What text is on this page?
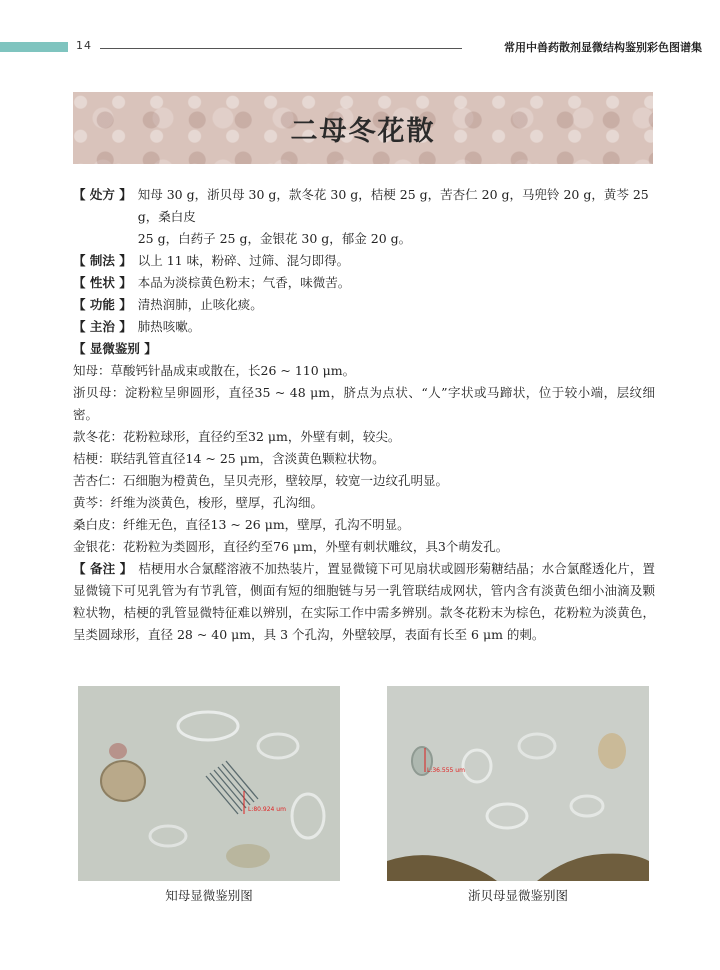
14	常用中兽药散剂显微结构鉴别彩色图谱集
二母冬花散
【 处方 】 知母 30 g，浙贝母 30 g，款冬花 30 g，桔梗 25 g，苦杏仁 20 g，马兜铃 20 g，黄芩 25 g，桑白皮
25 g，白药子 25 g，金银花 30 g，郁金 20 g。
【 制法 】 以上 11 味，粉碎、过筛、混匀即得。
【 性状 】 本品为淡棕黄色粉末；气香，味微苦。
【 功能 】 清热润肺，止咳化痰。
【 主治 】 肺热咳嗽。
【 显微鉴别 】
知母：草酸钙针晶成束或散在，长26 ~ 110 μm。
浙贝母：淀粉粒呈卵圆形，直径35 ~ 48 μm，脐点为点状、“人”字状或马蹄状，位于较小端，层纹细密。
款冬花：花粉粒球形，直径约至32 μm，外壁有刺，较尖。
桔梗：联结乳管直径14 ~ 25 μm，含淡黄色颗粒状物。
苦杏仁：石细胞为橙黄色，呈贝壳形，壁较厚，较宽一边纹孔明显。
黄芩：纤维为淡黄色，梭形，壁厚，孔沟细。
桑白皮：纤维无色，直径13 ~ 26 μm，壁厚，孔沟不明显。
金银花：花粉粒为类圆形，直径约至76 μm，外壁有刺状雕纹，具3个萌发孔。
【 备注 】 桔梗用水合氯醛溶液不加热装片，置显微镜下可见扇状或圆形菊糖结晶；水合氯醛透化片，置显微镜下可见乳管为有节乳管，侧面有短的细胞链与另一乳管联结成网状，管内含有淡黄色细小油滴及颗粒状物，桔梗的乳管显微特征难以辨别，在实际工作中需多辨别。款冬花粉末为棕色，花粉粒为淡黄色，呈类圆球形，直径 28 ~ 40 μm，具 3 个孔沟，外壁较厚，表面有长至 6 μm 的刺。
L:80.924 um
知母显微鉴别图
L:36.555 um
浙贝母显微鉴别图
